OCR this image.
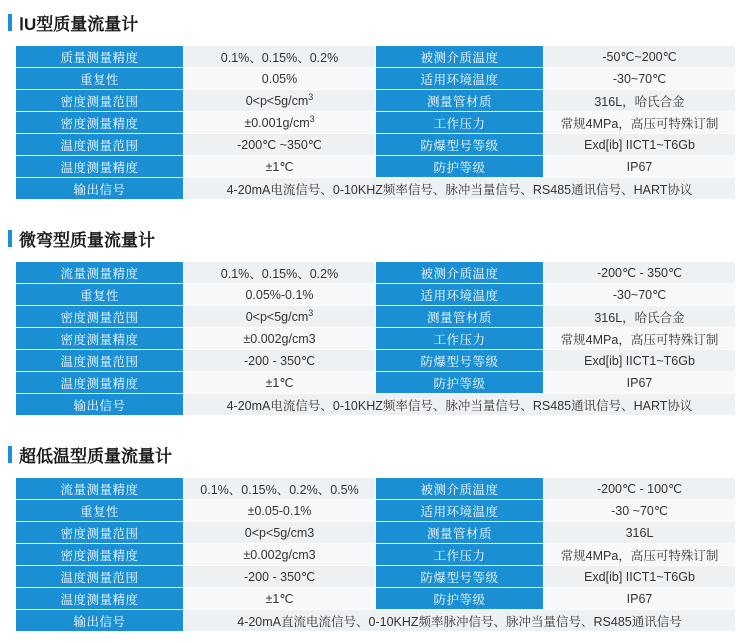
ⅠU型质量流量计
质量测量精度	0.1%、0.15%、0.2%	被测介质温度	-50℃~200℃
重复性	0.05%	适用环境温度	-30~70℃
密度测量范围	$0<p<5g/cm^3$	测量管材质	316L，哈氏合金
密度测量精度	$\pm 0.001g/cm^3$	工作压力	常规4MPa，高压可特殊订制
温度测量范围	-200℃ ~350℃	防爆型号等级	Exd[ib] IICT1~T6Gb
温度测量精度	±1℃	防护等级	IP67
输出信号	4-20mA电流信号、0-10KHZ频率信号、脉冲当量信号、RS485通讯信号、HART协议		
微弯型质量流量计
流量测量精度	0.1%、0.15%、0.2%	被测介质温度	-200℃ - 350℃
重复性	0.05%-0.1%	适用环境温度	-30~70℃
密度测量范围	$0<p<5g/cm^3$	测量管材质	316L，哈氏合金
密度测量精度	±0.002g/cm3	工作压力	常规4MPa，高压可特殊订制
温度测量范围	-200 - 350℃	防爆型号等级	Exd[ib] IICT1~T6Gb
温度测量精度	±1℃	防护等级	IP67
输出信号	4-20mA电流信号、0-10KHZ频率信号、脉冲当量信号、RS485通讯信号、HART协议		
超低温型质量流量计
流量测量精度	0.1%、0.15%、0.2%、0.5%	被测介质温度	-200℃ - 100℃
重复性	±0.05-0.1%	适用环境温度	-30 ~70℃
密度测量范围	0<p<5g/cm3	测量管材质	316L
密度测量精度	±0.002g/cm3	工作压力	常规4MPa，高压可特殊订制
温度测量范围	-200 - 350℃	防爆型号等级	Exd[ib] IICT1~T6Gb
温度测量精度	±1℃	防护等级	IP67
输出信号	4-20mA直流电流信号、0-10KHZ频率脉冲信号、脉冲当量信号、RS485通讯信号		
